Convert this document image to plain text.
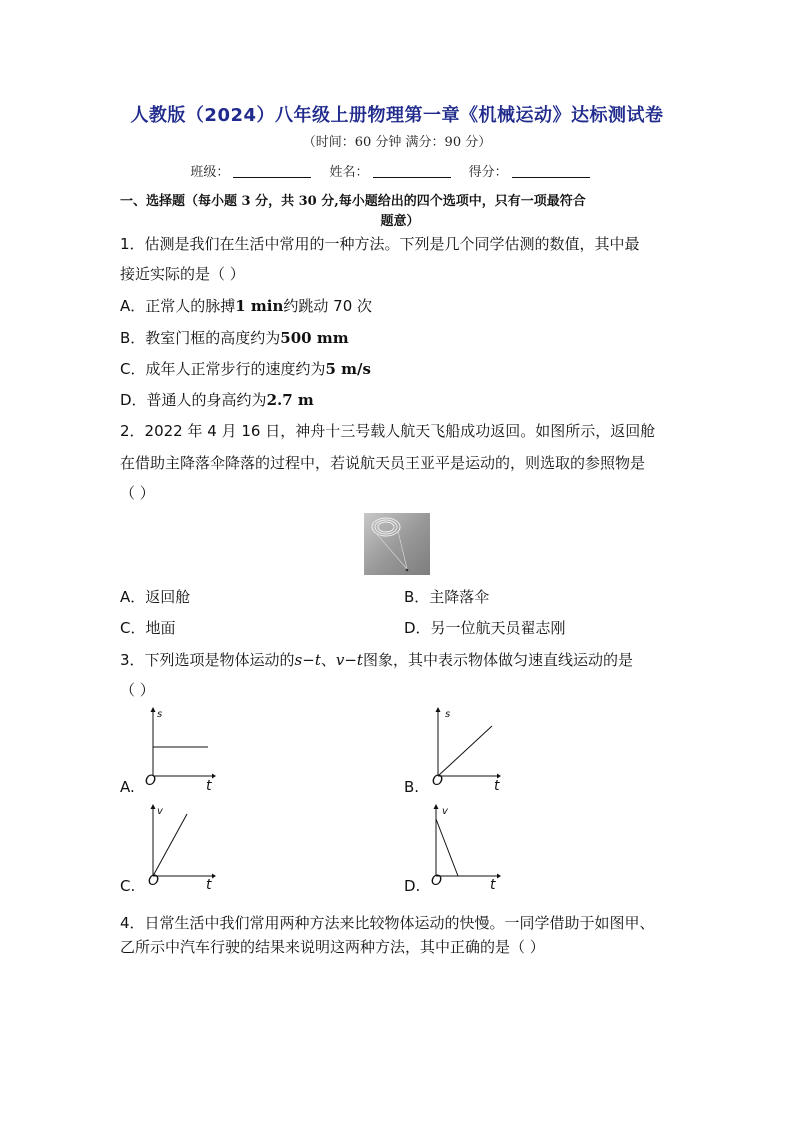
人教版（2024）八年级上册物理第一章《机械运动》达标测试卷
（时间：60 分钟 满分：90 分）
班级：	姓名：	得分：
一、选择题（每小题 3 分，共 30 分,每小题给出的四个选项中，只有一项最符合
题意）
1．估测是我们在生活中常用的一种方法。下列是几个同学估测的数值，其中最
接近实际的是（ ）
A．正常人的脉搏1 min约跳动 70 次
B．教室门框的高度约为500 mm
C．成年人正常步行的速度约为5 m/s
D．普通人的身高约为2.7 m
2．2022 年 4 月 16 日，神舟十三号载人航天飞船成功返回。如图所示，返回舱
在借助主降落伞降落的过程中，若说航天员王亚平是运动的，则选取的参照物是
（ ）
A．返回舱	B．主降落伞
C．地面	D．另一位航天员翟志刚
3．下列选项是物体运动的s−t、v−t图象，其中表示物体做匀速直线运动的是
（ ）
A.
s
O	t	B.
s
O	t
C.
v
O	t	D.
v
O	t
4．日常生活中我们常用两种方法来比较物体运动的快慢。一同学借助于如图甲、
乙所示中汽车行驶的结果来说明这两种方法，其中正确的是（ ）
